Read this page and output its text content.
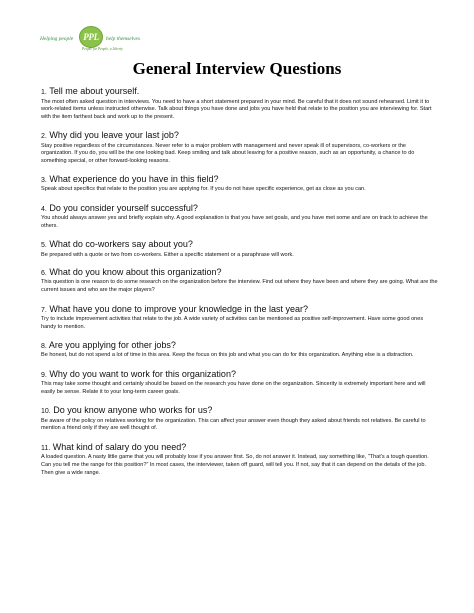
Helping people PPL help themselves
People for People, a Liberty
General Interview Questions
1. Tell me about yourself.
The most often asked question in interviews. You need to have a short statement prepared in your mind. Be careful that it does not sound rehearsed. Limit it to work-related items unless instructed otherwise. Talk about things you have done and jobs you have held that relate to the position you are interviewing for. Start with the item farthest back and work up to the present.
2. Why did you leave your last job?
Stay positive regardless of the circumstances. Never refer to a major problem with management and never speak ill of supervisors, co-workers or the organization. If you do, you will be the one looking bad. Keep smiling and talk about leaving for a positive reason, such as an opportunity, a chance to do something special, or other forward-looking reasons.
3. What experience do you have in this field?
Speak about specifics that relate to the position you are applying for. If you do not have specific experience, get as close as you can.
4. Do you consider yourself successful?
You should always answer yes and briefly explain why. A good explanation is that you have set goals, and you have met some and are on track to achieve the others.
5. What do co-workers say about you?
Be prepared with a quote or two from co-workers. Either a specific statement or a paraphrase will work.
6. What do you know about this organization?
This question is one reason to do some research on the organization before the interview. Find out where they have been and where they are going. What are the current issues and who are the major players?
7. What have you done to improve your knowledge in the last year?
Try to include improvement activities that relate to the job. A wide variety of activities can be mentioned as positive self-improvement. Have some good ones handy to mention.
8. Are you applying for other jobs?
Be honest, but do not spend a lot of time in this area. Keep the focus on this job and what you can do for this organization. Anything else is a distraction.
9. Why do you want to work for this organization?
This may take some thought and certainly should be based on the research you have done on the organization. Sincerity is extremely important here and will easily be sense. Relate it to your long-term career goals.
10. Do you know anyone who works for us?
Be aware of the policy on relatives working for the organization. This can affect your answer even though they asked about friends not relatives. Be careful to mention a friend only if they are well thought of.
11. What kind of salary do you need?
A loaded question. A nasty little game that you will probably lose if you answer first. So, do not answer it. Instead, say something like, “That’s a tough question. Can you tell me the range for this position?” In most cases, the interviewer, taken off guard, will tell you. If not, say that it can depend on the details of the job. Then give a wide range.
